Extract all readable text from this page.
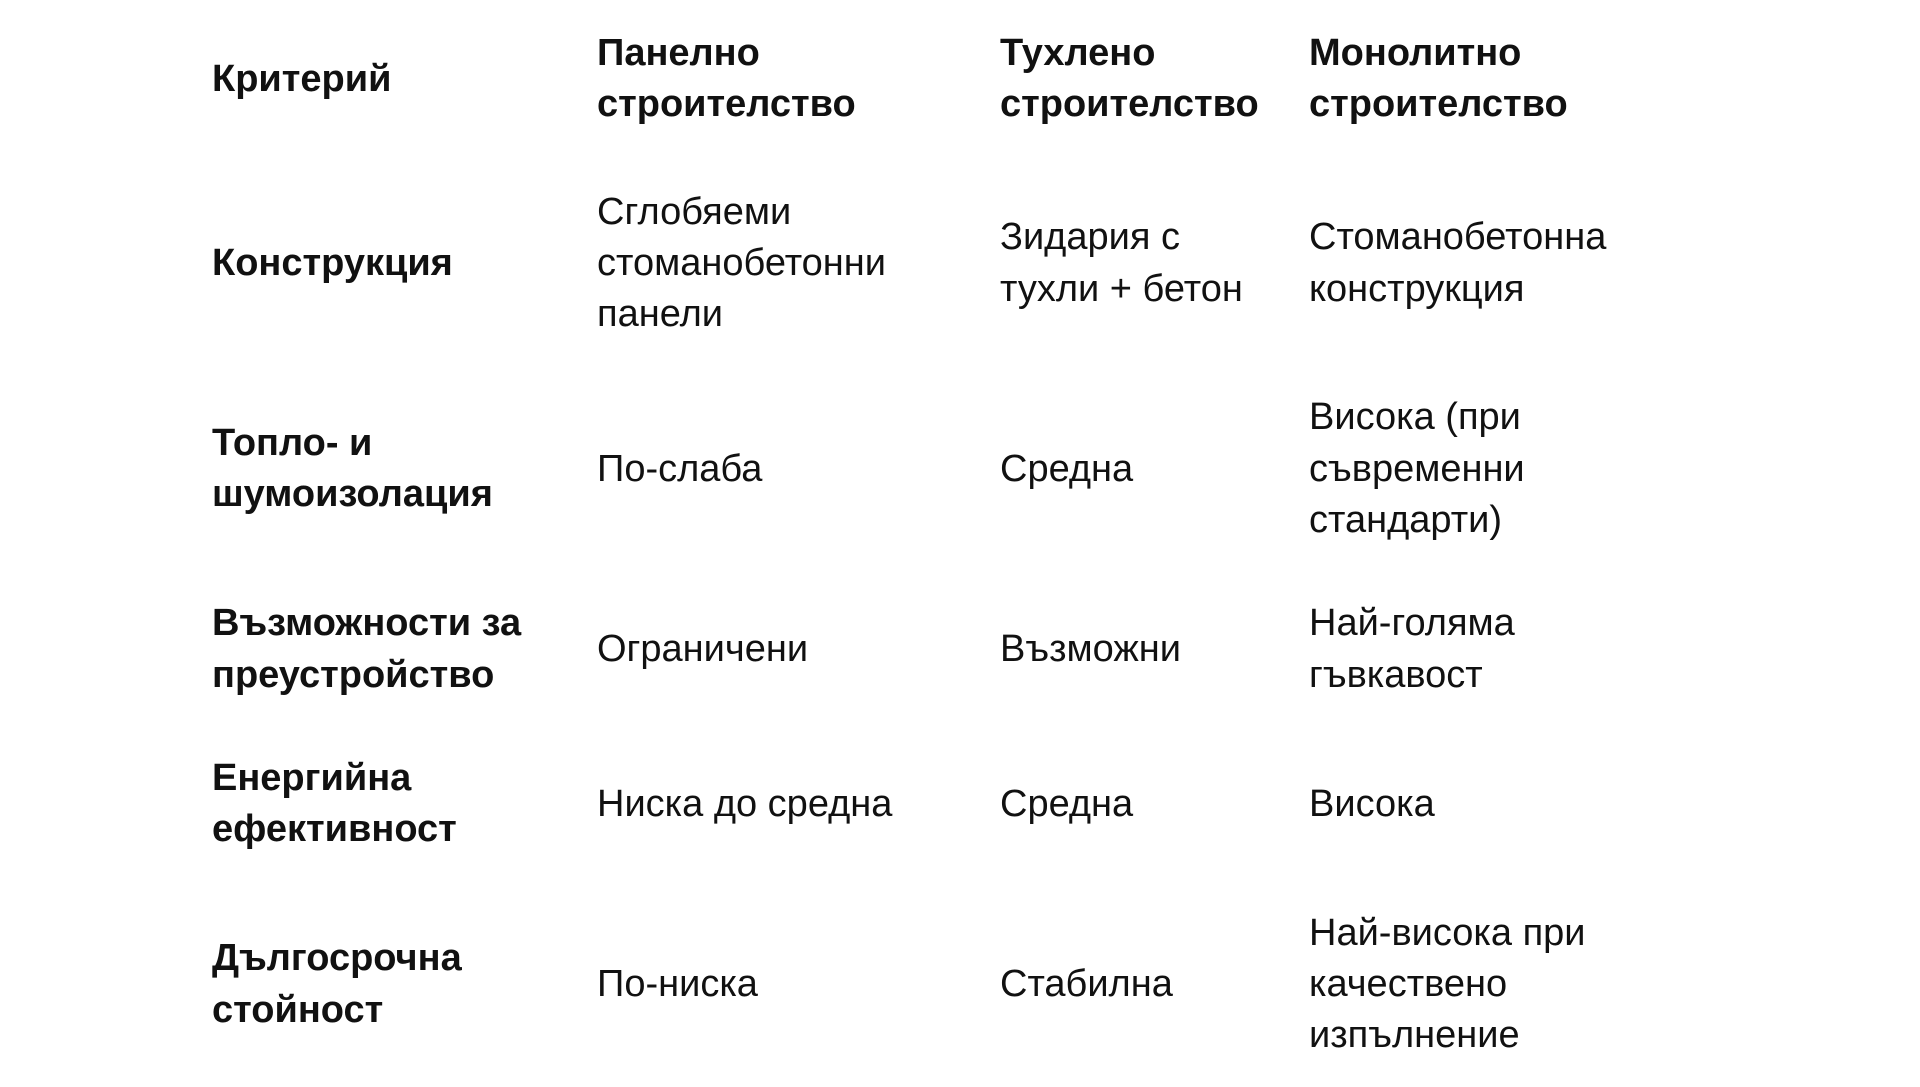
Критерий	Панелно строителство	Тухлено строителство	Монолитно строителство
Конструкция	Сглобяеми стоманобетонни панели	Зидария с тухли + бетон	Стоманобетонна конструкция
Топло- и шумоизолация	По-слаба	Средна	Висока (при съвременни стандарти)
Възможности за преустройство	Ограничени	Възможни	Най-голяма гъвкавост
Енергийна ефективност	Ниска до средна	Средна	Висока
Дългосрочна стойност	По-ниска	Стабилна	Най-висока при качествено изпълнение
